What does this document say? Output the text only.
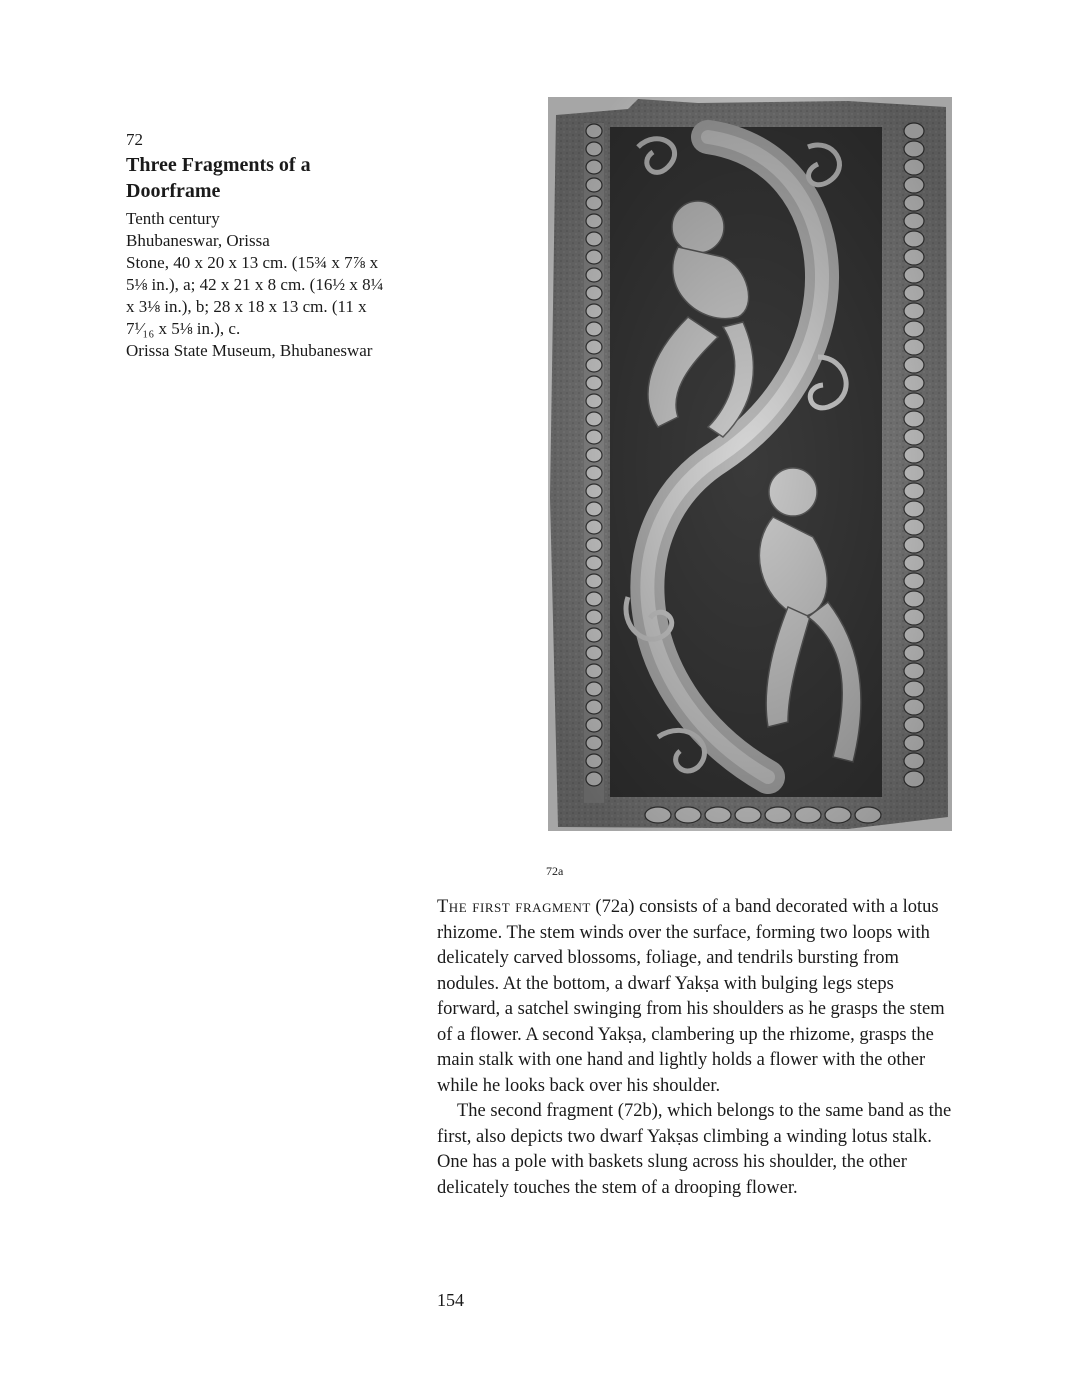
72
Three Fragments of a Doorframe
Tenth century
Bhubaneswar, Orissa
Stone, 40 x 20 x 13 cm. (15¾ x 7⅞ x 5⅛ in.), a; 42 x 21 x 8 cm. (16½ x 8¼ x 3⅛ in.), b; 28 x 18 x 13 cm. (11 x 7¹⁄₁₆ x 5⅛ in.), c.
Orissa State Museum, Bhubaneswar
72a

The first fragment (72a) consists of a band decorated with a lotus rhizome. The stem winds over the surface, forming two loops with delicately carved blossoms, foliage, and tendrils bursting from nodules. At the bottom, a dwarf Yakṣa with bulging legs steps forward, a satchel swinging from his shoulders as he grasps the stem of a flower. A second Yakṣa, clambering up the rhizome, grasps the main stalk with one hand and lightly holds a flower with the other while he looks back over his shoulder.

The second fragment (72b), which belongs to the same band as the first, also depicts two dwarf Yakṣas climbing a winding lotus stalk. One has a pole with baskets slung across his shoulder, the other delicately touches the stem of a drooping flower.

154
